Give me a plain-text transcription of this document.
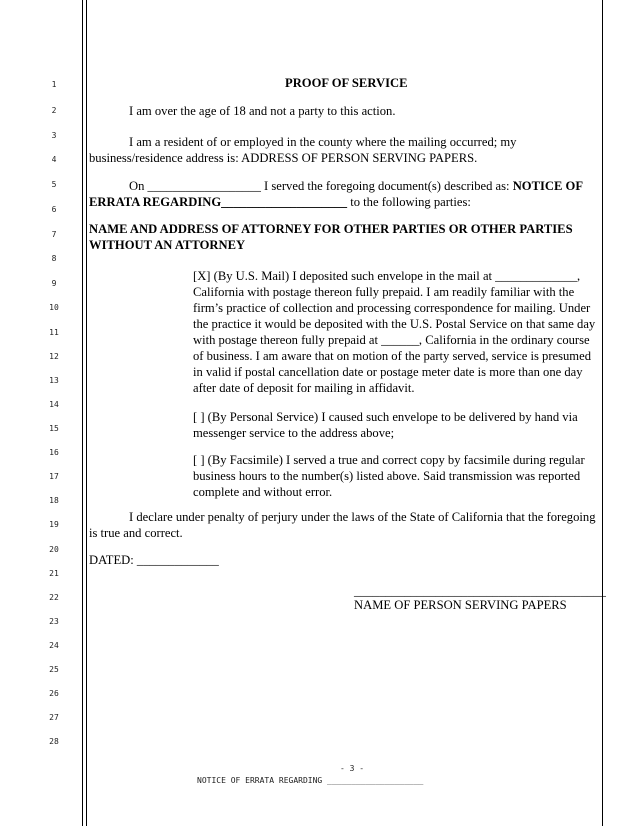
1
2
3
4
5
6
7
8
9
10
11
12
13
14
15
16
17
18
19
20
21
22
23
24
25
26
27
28
PROOF OF SERVICE
I am over the age of 18 and not a party to this action.
I am a resident of or employed in the county where the mailing occurred; my
business/residence address is: ADDRESS OF PERSON SERVING PAPERS.
On __________________ I served the foregoing document(s) described as: NOTICE OF
ERRATA REGARDING____________________ to the following parties:
NAME AND ADDRESS OF ATTORNEY FOR OTHER PARTIES OR OTHER PARTIES
WITHOUT AN ATTORNEY
[X] (By U.S. Mail) I deposited such envelope in the mail at _____________,
California with postage thereon fully prepaid. I am readily familiar with the
firm’s practice of collection and processing correspondence for mailing. Under
the practice it would be deposited with the U.S. Postal Service on that same day
with postage thereon fully prepaid at ______, California in the ordinary course
of business. I am aware that on motion of the party served, service is presumed
in valid if postal cancellation date or postage meter date is more than one day
after date of deposit for mailing in affidavit.
[ ] (By Personal Service) I caused such envelope to be delivered by hand via
messenger service to the address above;
[ ] (By Facsimile) I served a true and correct copy by facsimile during regular
business hours to the number(s) listed above. Said transmission was reported
complete and without error.
I declare under penalty of perjury under the laws of the State of California that the foregoing
is true and correct.
DATED: _____________
________________________________________
NAME OF PERSON SERVING PAPERS
- 3 -
NOTICE OF ERRATA REGARDING ____________________
